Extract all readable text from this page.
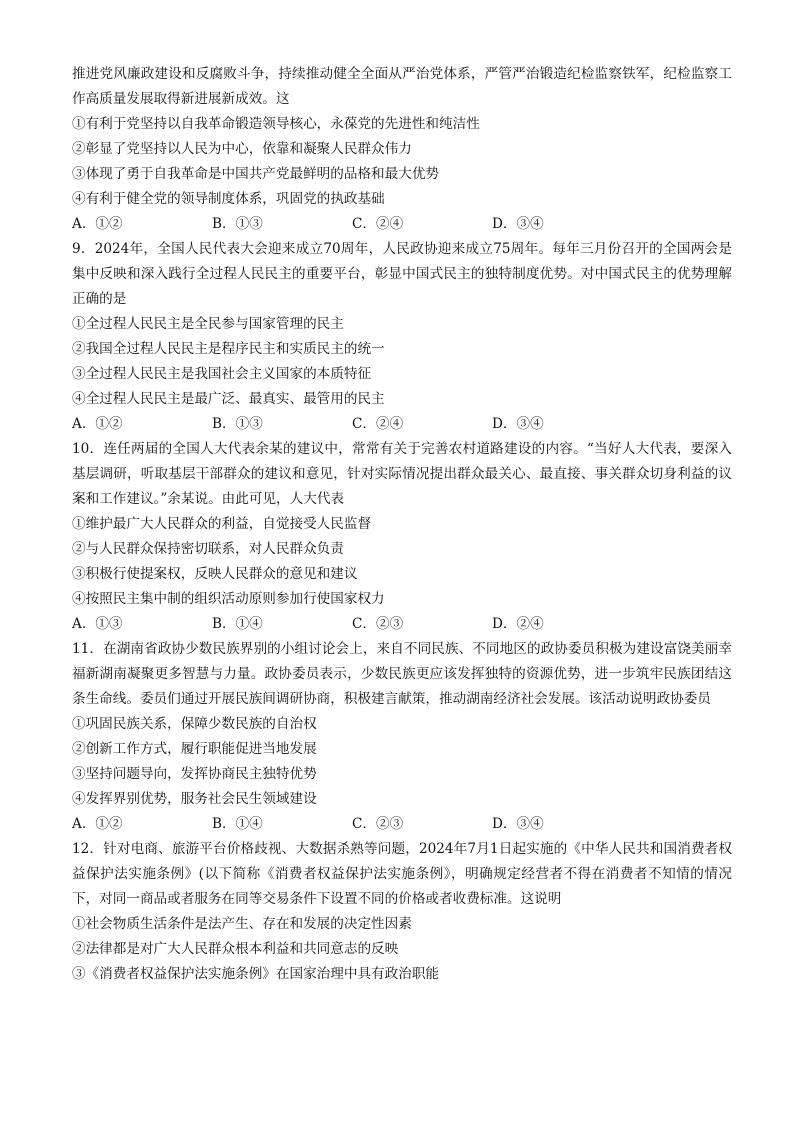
推进党风廉政建设和反腐败斗争，持续推动健全全面从严治党体系，严管严治锻造纪检监察铁军，纪检监察工作高质量发展取得新进展新成效。这

①有利于党坚持以自我革命锻造领导核心，永葆党的先进性和纯洁性

②彰显了党坚持以人民为中心，依靠和凝聚人民群众伟力

③体现了勇于自我革命是中国共产党最鲜明的品格和最大优势

④有利于健全党的领导制度体系，巩固党的执政基础

A．①②	B．①③	C．②④	D．③④

9．2024年，全国人民代表大会迎来成立70周年，人民政协迎来成立75周年。每年三月份召开的全国两会是集中反映和深入践行全过程人民民主的重要平台，彰显中国式民主的独特制度优势。对中国式民主的优势理解正确的是

①全过程人民民主是全民参与国家管理的民主

②我国全过程人民民主是程序民主和实质民主的统一

③全过程人民民主是我国社会主义国家的本质特征

④全过程人民民主是最广泛、最真实、最管用的民主

A．①②	B．①③	C．②④	D．③④

10．连任两届的全国人大代表余某的建议中，常常有关于完善农村道路建设的内容。“当好人大代表，要深入基层调研，听取基层干部群众的建议和意见，针对实际情况提出群众最关心、最直接、事关群众切身利益的议案和工作建议。”余某说。由此可见，人大代表

①维护最广大人民群众的利益，自觉接受人民监督

②与人民群众保持密切联系，对人民群众负责

③积极行使提案权，反映人民群众的意见和建议

④按照民主集中制的组织活动原则参加行使国家权力

A．①③	B．①④	C．②③	D．②④

11．在湖南省政协少数民族界别的小组讨论会上，来自不同民族、不同地区的政协委员积极为建设富饶美丽幸福新湖南凝聚更多智慧与力量。政协委员表示，少数民族更应该发挥独特的资源优势，进一步筑牢民族团结这条生命线。委员们通过开展民族间调研协商，积极建言献策，推动湖南经济社会发展。该活动说明政协委员

①巩固民族关系，保障少数民族的自治权

②创新工作方式，履行职能促进当地发展

③坚持问题导向，发挥协商民主独特优势

④发挥界别优势，服务社会民生领域建设

A．①②	B．①④	C．②③	D．③④

12．针对电商、旅游平台价格歧视、大数据杀熟等问题，2024年7月1日起实施的《中华人民共和国消费者权益保护法实施条例》(以下简称《消费者权益保护法实施条例》，明确规定经营者不得在消费者不知情的情况下，对同一商品或者服务在同等交易条件下设置不同的价格或者收费标准。这说明

①社会物质生活条件是法产生、存在和发展的决定性因素

②法律都是对广大人民群众根本利益和共同意志的反映

③《消费者权益保护法实施条例》在国家治理中具有政治职能
